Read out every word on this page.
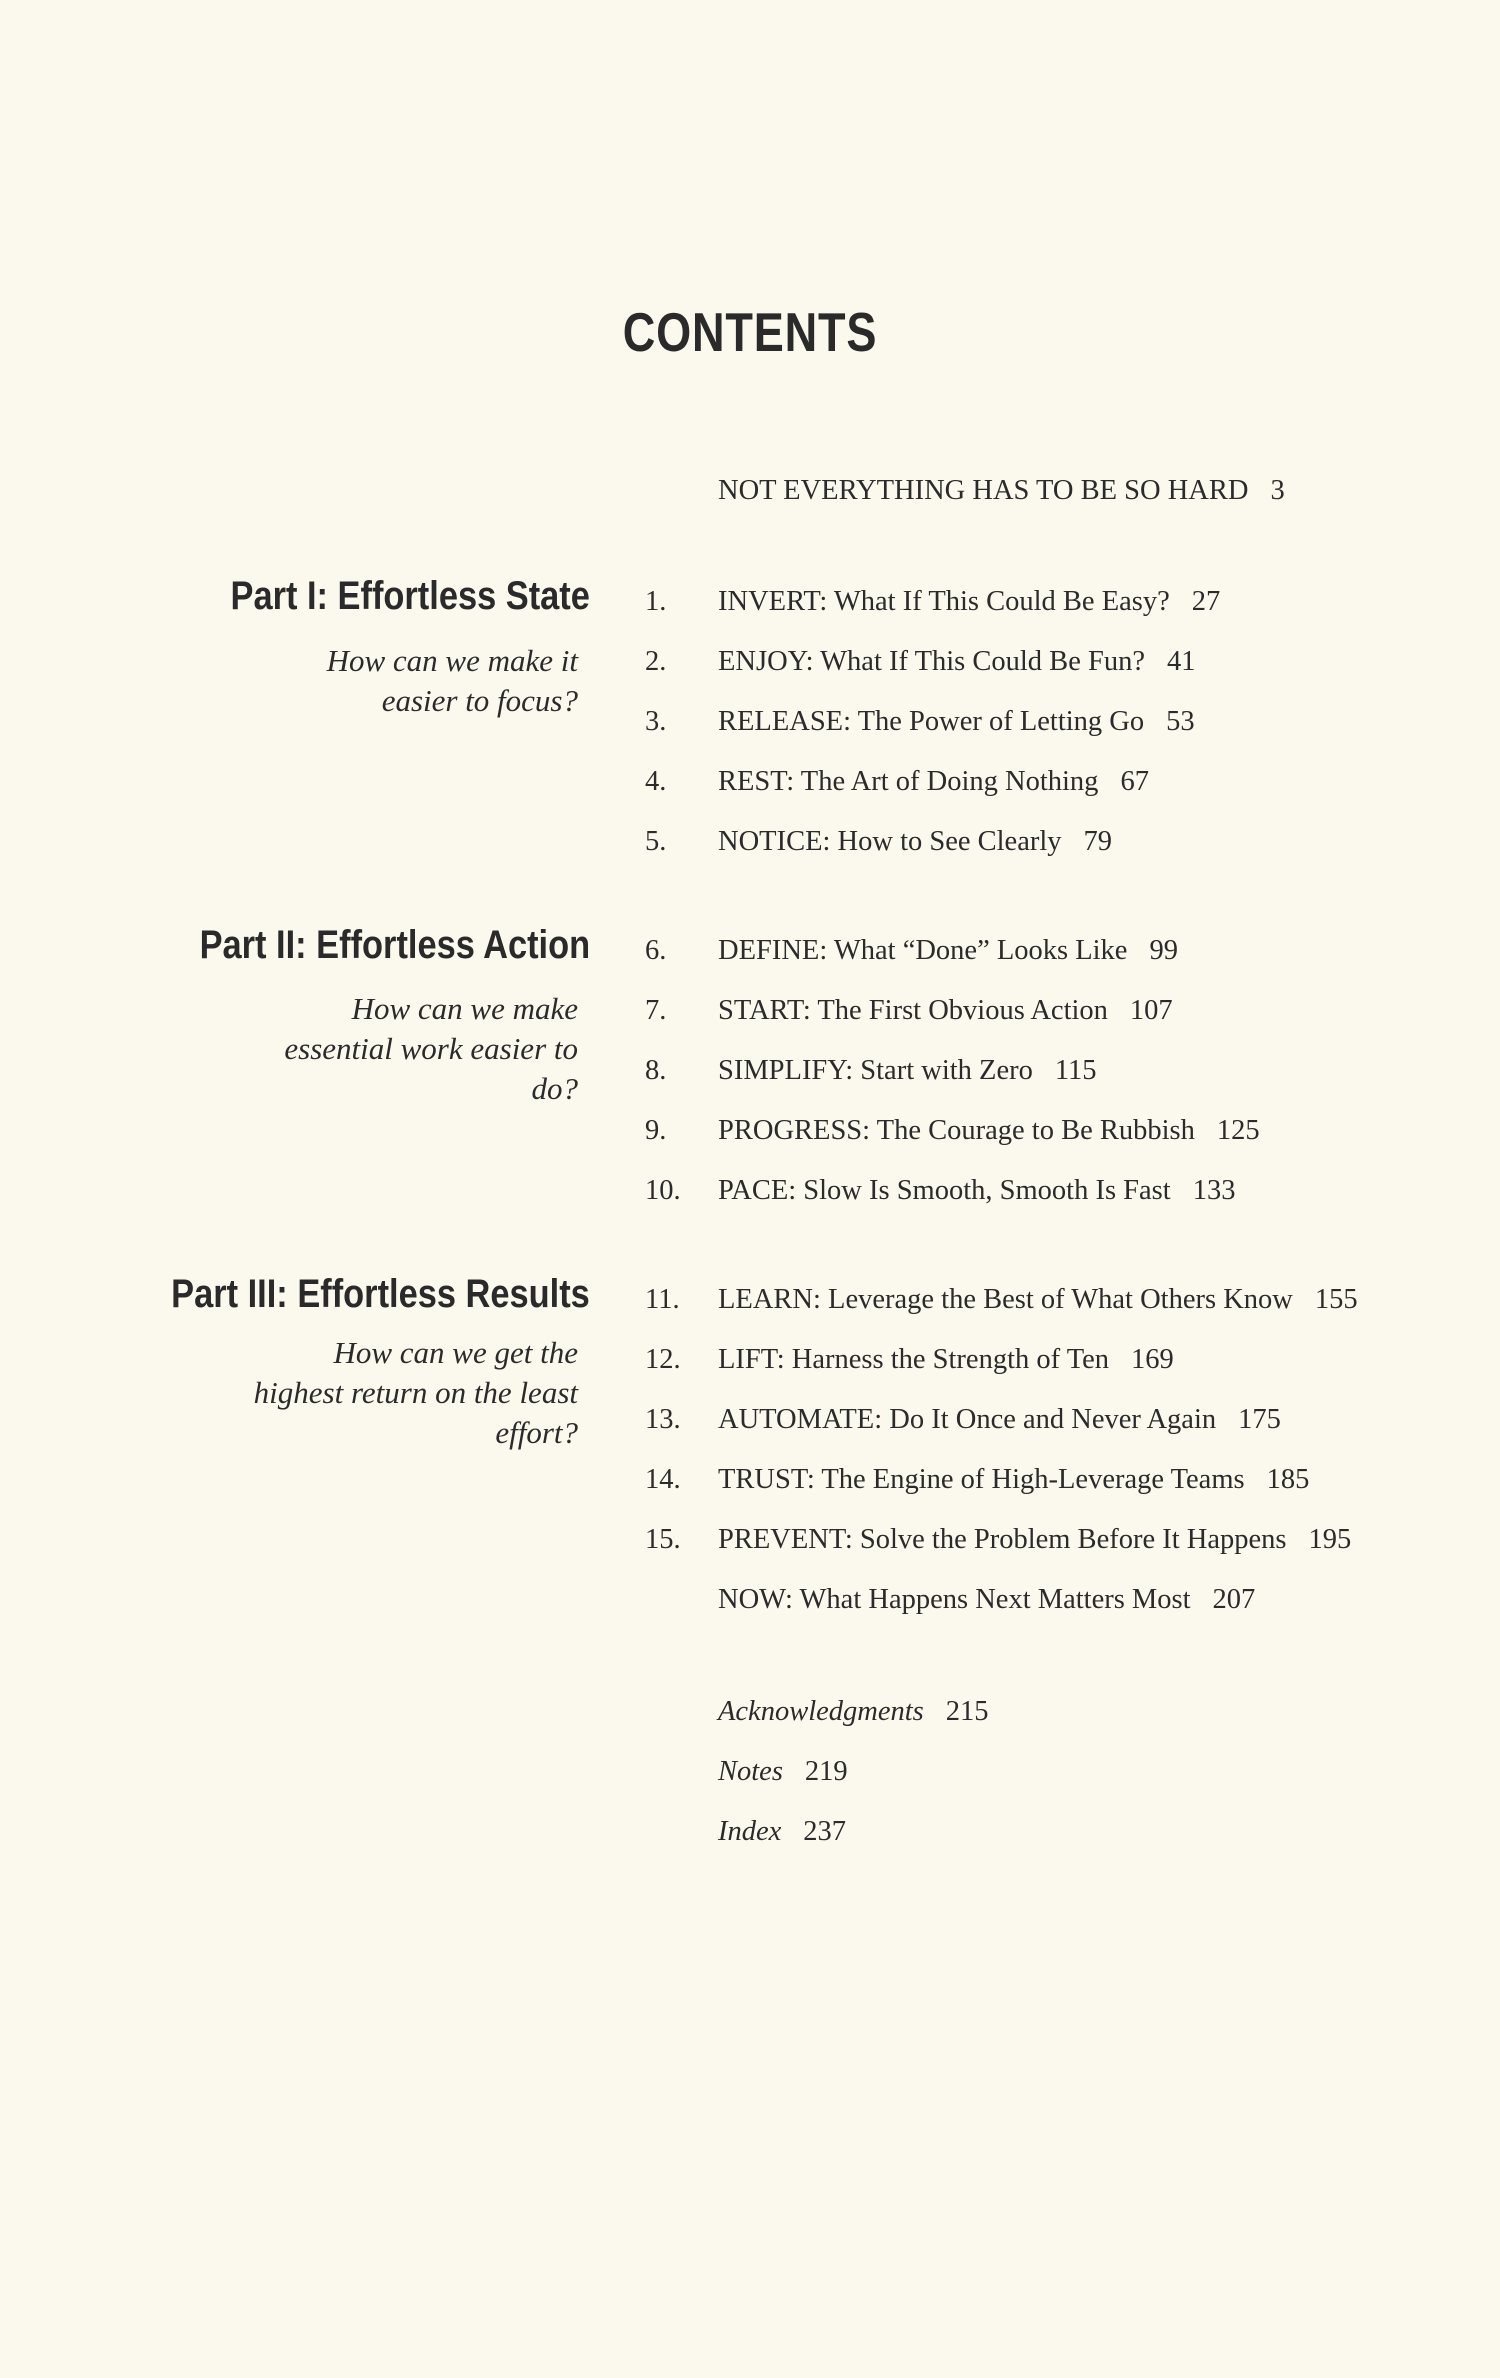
CONTENTS
NOT EVERYTHING HAS TO BE SO HARD 3
Part I: Effortless State
How can we make it easier to focus?
1. INVERT: What If This Could Be Easy? 27
2. ENJOY: What If This Could Be Fun? 41
3. RELEASE: The Power of Letting Go 53
4. REST: The Art of Doing Nothing 67
5. NOTICE: How to See Clearly 79
Part II: Effortless Action
How can we make essential work easier to do?
6. DEFINE: What “Done” Looks Like 99
7. START: The First Obvious Action 107
8. SIMPLIFY: Start with Zero 115
9. PROGRESS: The Courage to Be Rubbish 125
10. PACE: Slow Is Smooth, Smooth Is Fast 133
Part III: Effortless Results
How can we get the highest return on the least effort?
11. LEARN: Leverage the Best of What Others Know 155
12. LIFT: Harness the Strength of Ten 169
13. AUTOMATE: Do It Once and Never Again 175
14. TRUST: The Engine of High-Leverage Teams 185
15. PREVENT: Solve the Problem Before It Happens 195
NOW: What Happens Next Matters Most 207
Acknowledgments 215
Notes 219
Index 237
